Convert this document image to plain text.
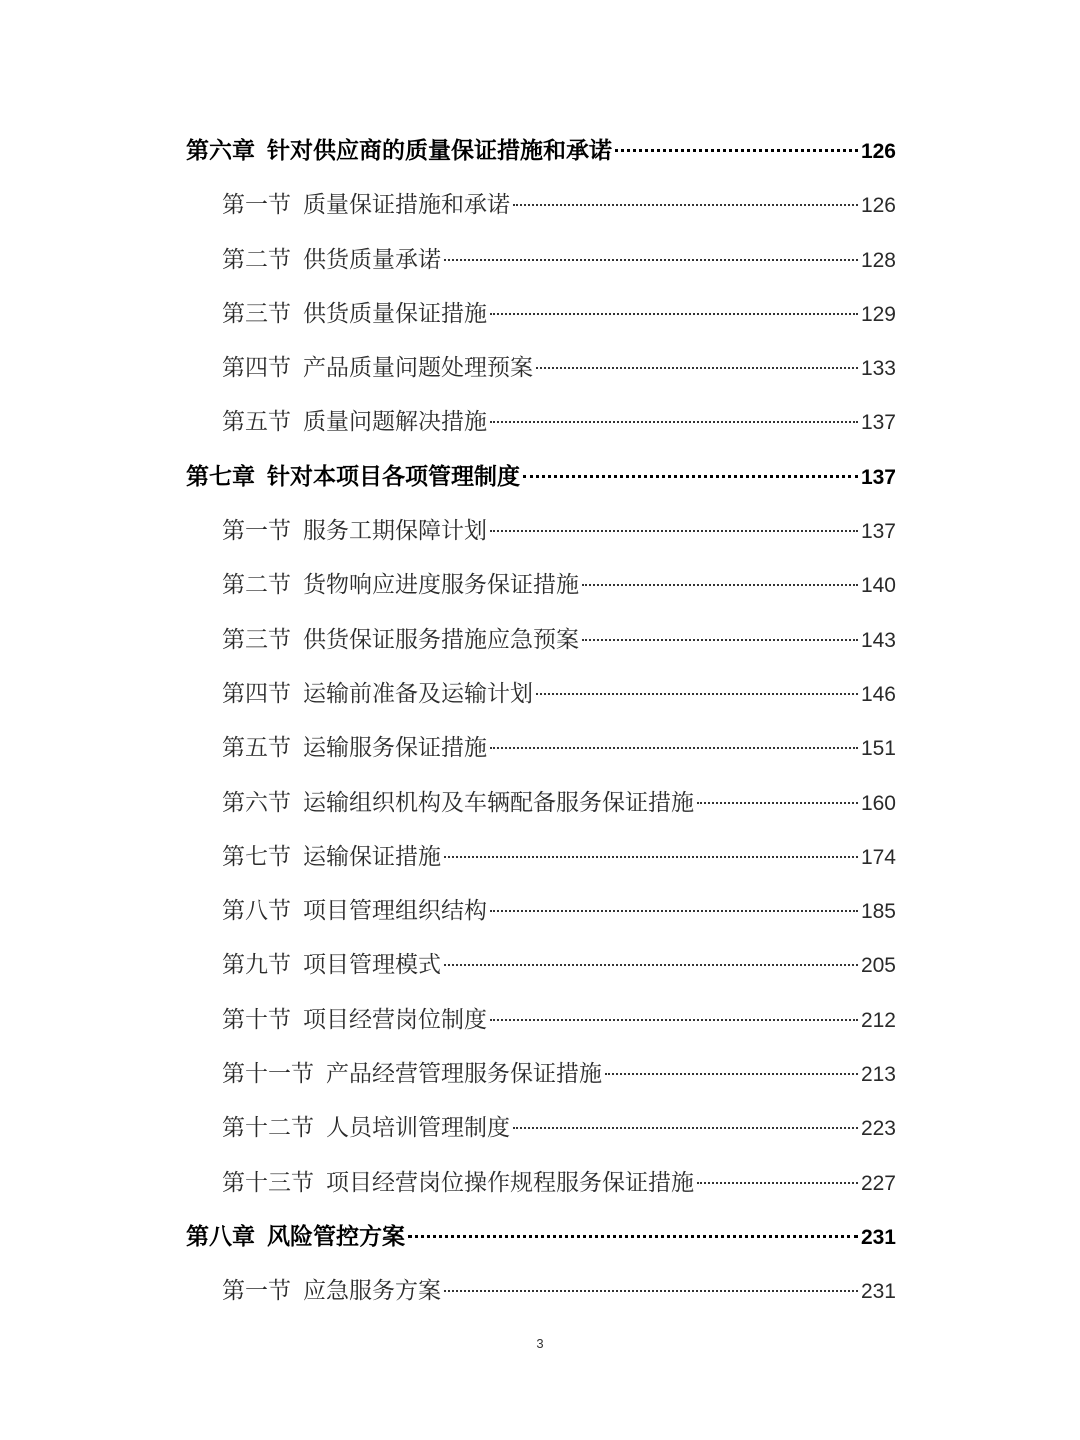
第六章 针对供应商的质量保证措施和承诺	126
第一节 质量保证措施和承诺	126
第二节 供货质量承诺	128
第三节 供货质量保证措施	129
第四节 产品质量问题处理预案	133
第五节 质量问题解决措施	137
第七章 针对本项目各项管理制度	137
第一节 服务工期保障计划	137
第二节 货物响应进度服务保证措施	140
第三节 供货保证服务措施应急预案	143
第四节 运输前准备及运输计划	146
第五节 运输服务保证措施	151
第六节 运输组织机构及车辆配备服务保证措施	160
第七节 运输保证措施	174
第八节 项目管理组织结构	185
第九节 项目管理模式	205
第十节 项目经营岗位制度	212
第十一节 产品经营管理服务保证措施	213
第十二节 人员培训管理制度	223
第十三节 项目经营岗位操作规程服务保证措施	227
第八章 风险管控方案	231
第一节 应急服务方案	231
3
